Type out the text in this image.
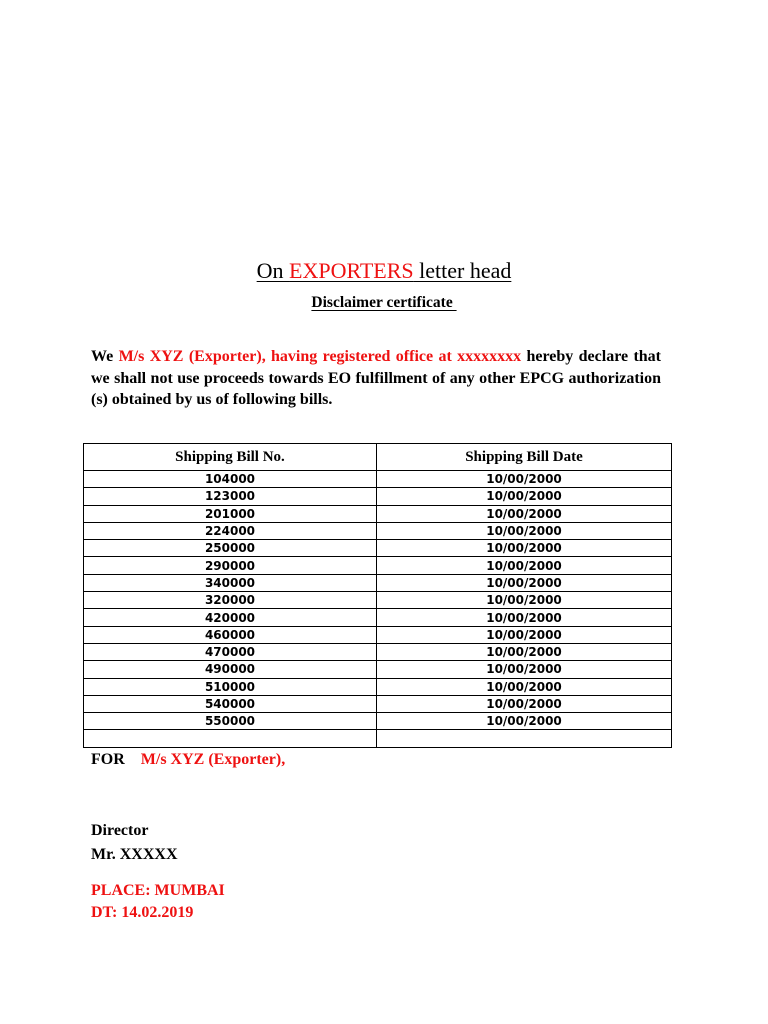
On EXPORTERS letter head
Disclaimer certificate

We M/s XYZ (Exporter), having registered office at xxxxxxxx hereby declare that we shall not use proceeds towards EO fulfillment of any other EPCG authorization (s) obtained by us of following bills.

Shipping Bill No.	Shipping Bill Date
104000	10/00/2000
123000	10/00/2000
201000	10/00/2000
224000	10/00/2000
250000	10/00/2000
290000	10/00/2000
340000	10/00/2000
320000	10/00/2000
420000	10/00/2000
460000	10/00/2000
470000	10/00/2000
490000	10/00/2000
510000	10/00/2000
540000	10/00/2000
550000	10/00/2000

FOR M/s XYZ (Exporter),
Director
Mr. XXXXX
PLACE: MUMBAI
DT: 14.02.2019
